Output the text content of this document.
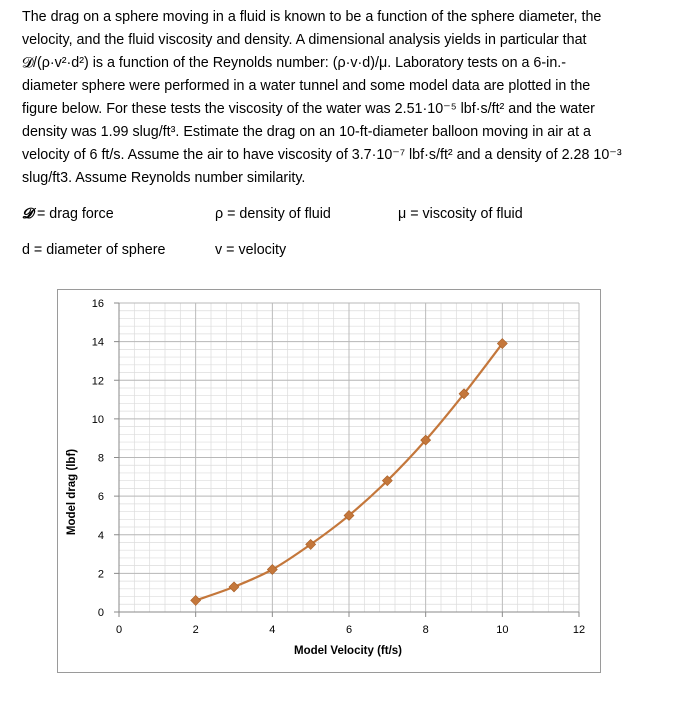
The drag on a sphere moving in a fluid is known to be a function of the sphere diameter, the
velocity, and the fluid viscosity and density. A dimensional analysis yields in particular that
𝓓/(ρ·v²·d²) is a function of the Reynolds number: (ρ·v·d)/μ. Laboratory tests on a 6-in.-
diameter sphere were performed in a water tunnel and some model data are plotted in the
figure below. For these tests the viscosity of the water was 2.51·10⁻⁵ lbf·s/ft² and the water
density was 1.99 slug/ft³. Estimate the drag on an 10-ft-diameter balloon moving in air at a
velocity of 6 ft/s. Assume the air to have viscosity of 3.7·10⁻⁷ lbf·s/ft² and a density of 2.28 10⁻³
slug/ft3. Assume Reynolds number similarity.
𝓓 = drag force	ρ = density of fluid	μ = viscosity of fluid
d = diameter of sphere	v = velocity
0	2	4	6	8	10	12
0
2
4
6
8
10
12
14
16
Model Velocity (ft/s)
Model drag (lbf)
